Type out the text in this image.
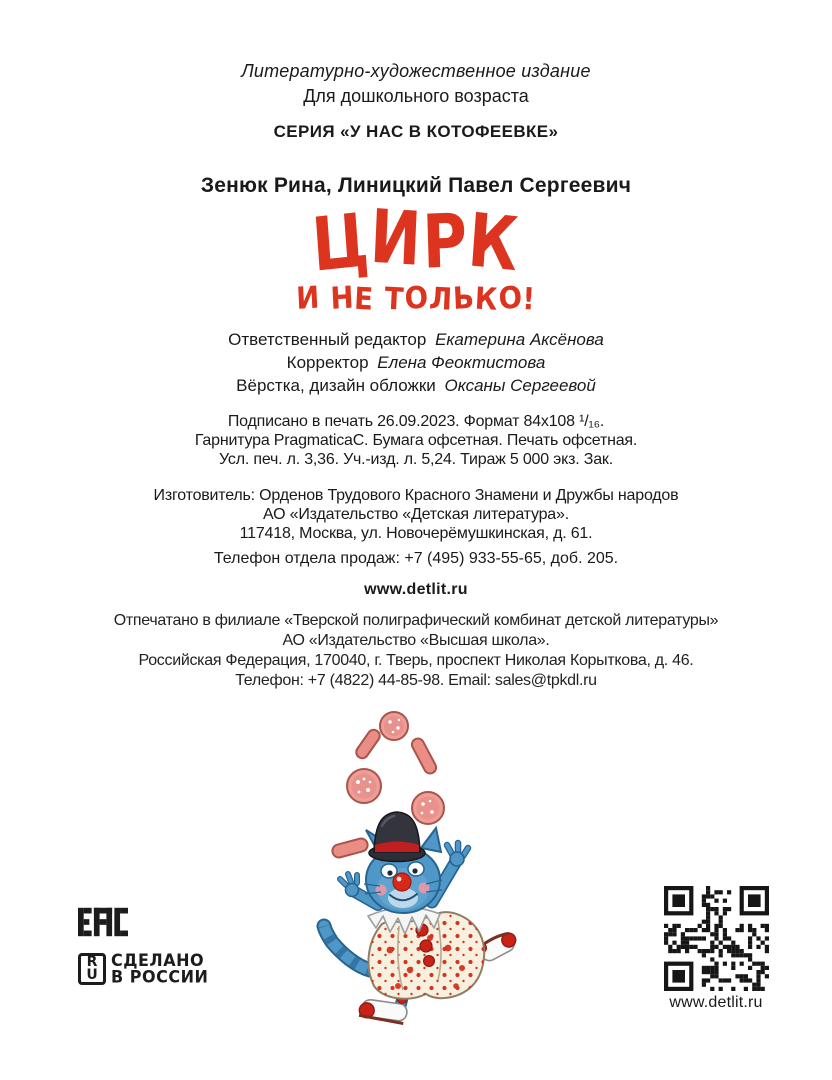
Литературно-художественное издание
Для дошкольного возраста
СЕРИЯ «У НАС В КОТОФЕЕВКЕ»
Зенюк Рина, Линицкий Павел Сергеевич
ЦИРК
И НЕ ТОЛЬКО!
Ответственный редактор Екатерина Аксёнова
Корректор Елена Феоктистова
Вёрстка, дизайн обложки Оксаны Сергеевой
Подписано в печать 26.09.2023. Формат 84х108 ¹/₁₆.
Гарнитура PragmaticaC. Бумага офсетная. Печать офсетная.
Усл. печ. л. 3,36. Уч.-изд. л. 5,24. Тираж 5 000 экз. Зак.
Изготовитель: Орденов Трудового Красного Знамени и Дружбы народов
АО «Издательство «Детская литература».
117418, Москва, ул. Новочерёмушкинская, д. 61.
Телефон отдела продаж: +7 (495) 933-55-65, доб. 205.
www.detlit.ru
Отпечатано в филиале «Тверской полиграфический комбинат детской литературы»
АО «Издательство «Высшая школа».
Российская Федерация, 170040, г. Тверь, проспект Николая Корыткова, д. 46.
Телефон: +7 (4822) 44-85-98. Email: sales@tpkdl.ru
R
U
СДЕЛАНО
В РОССИИ
www.detlit.ru
